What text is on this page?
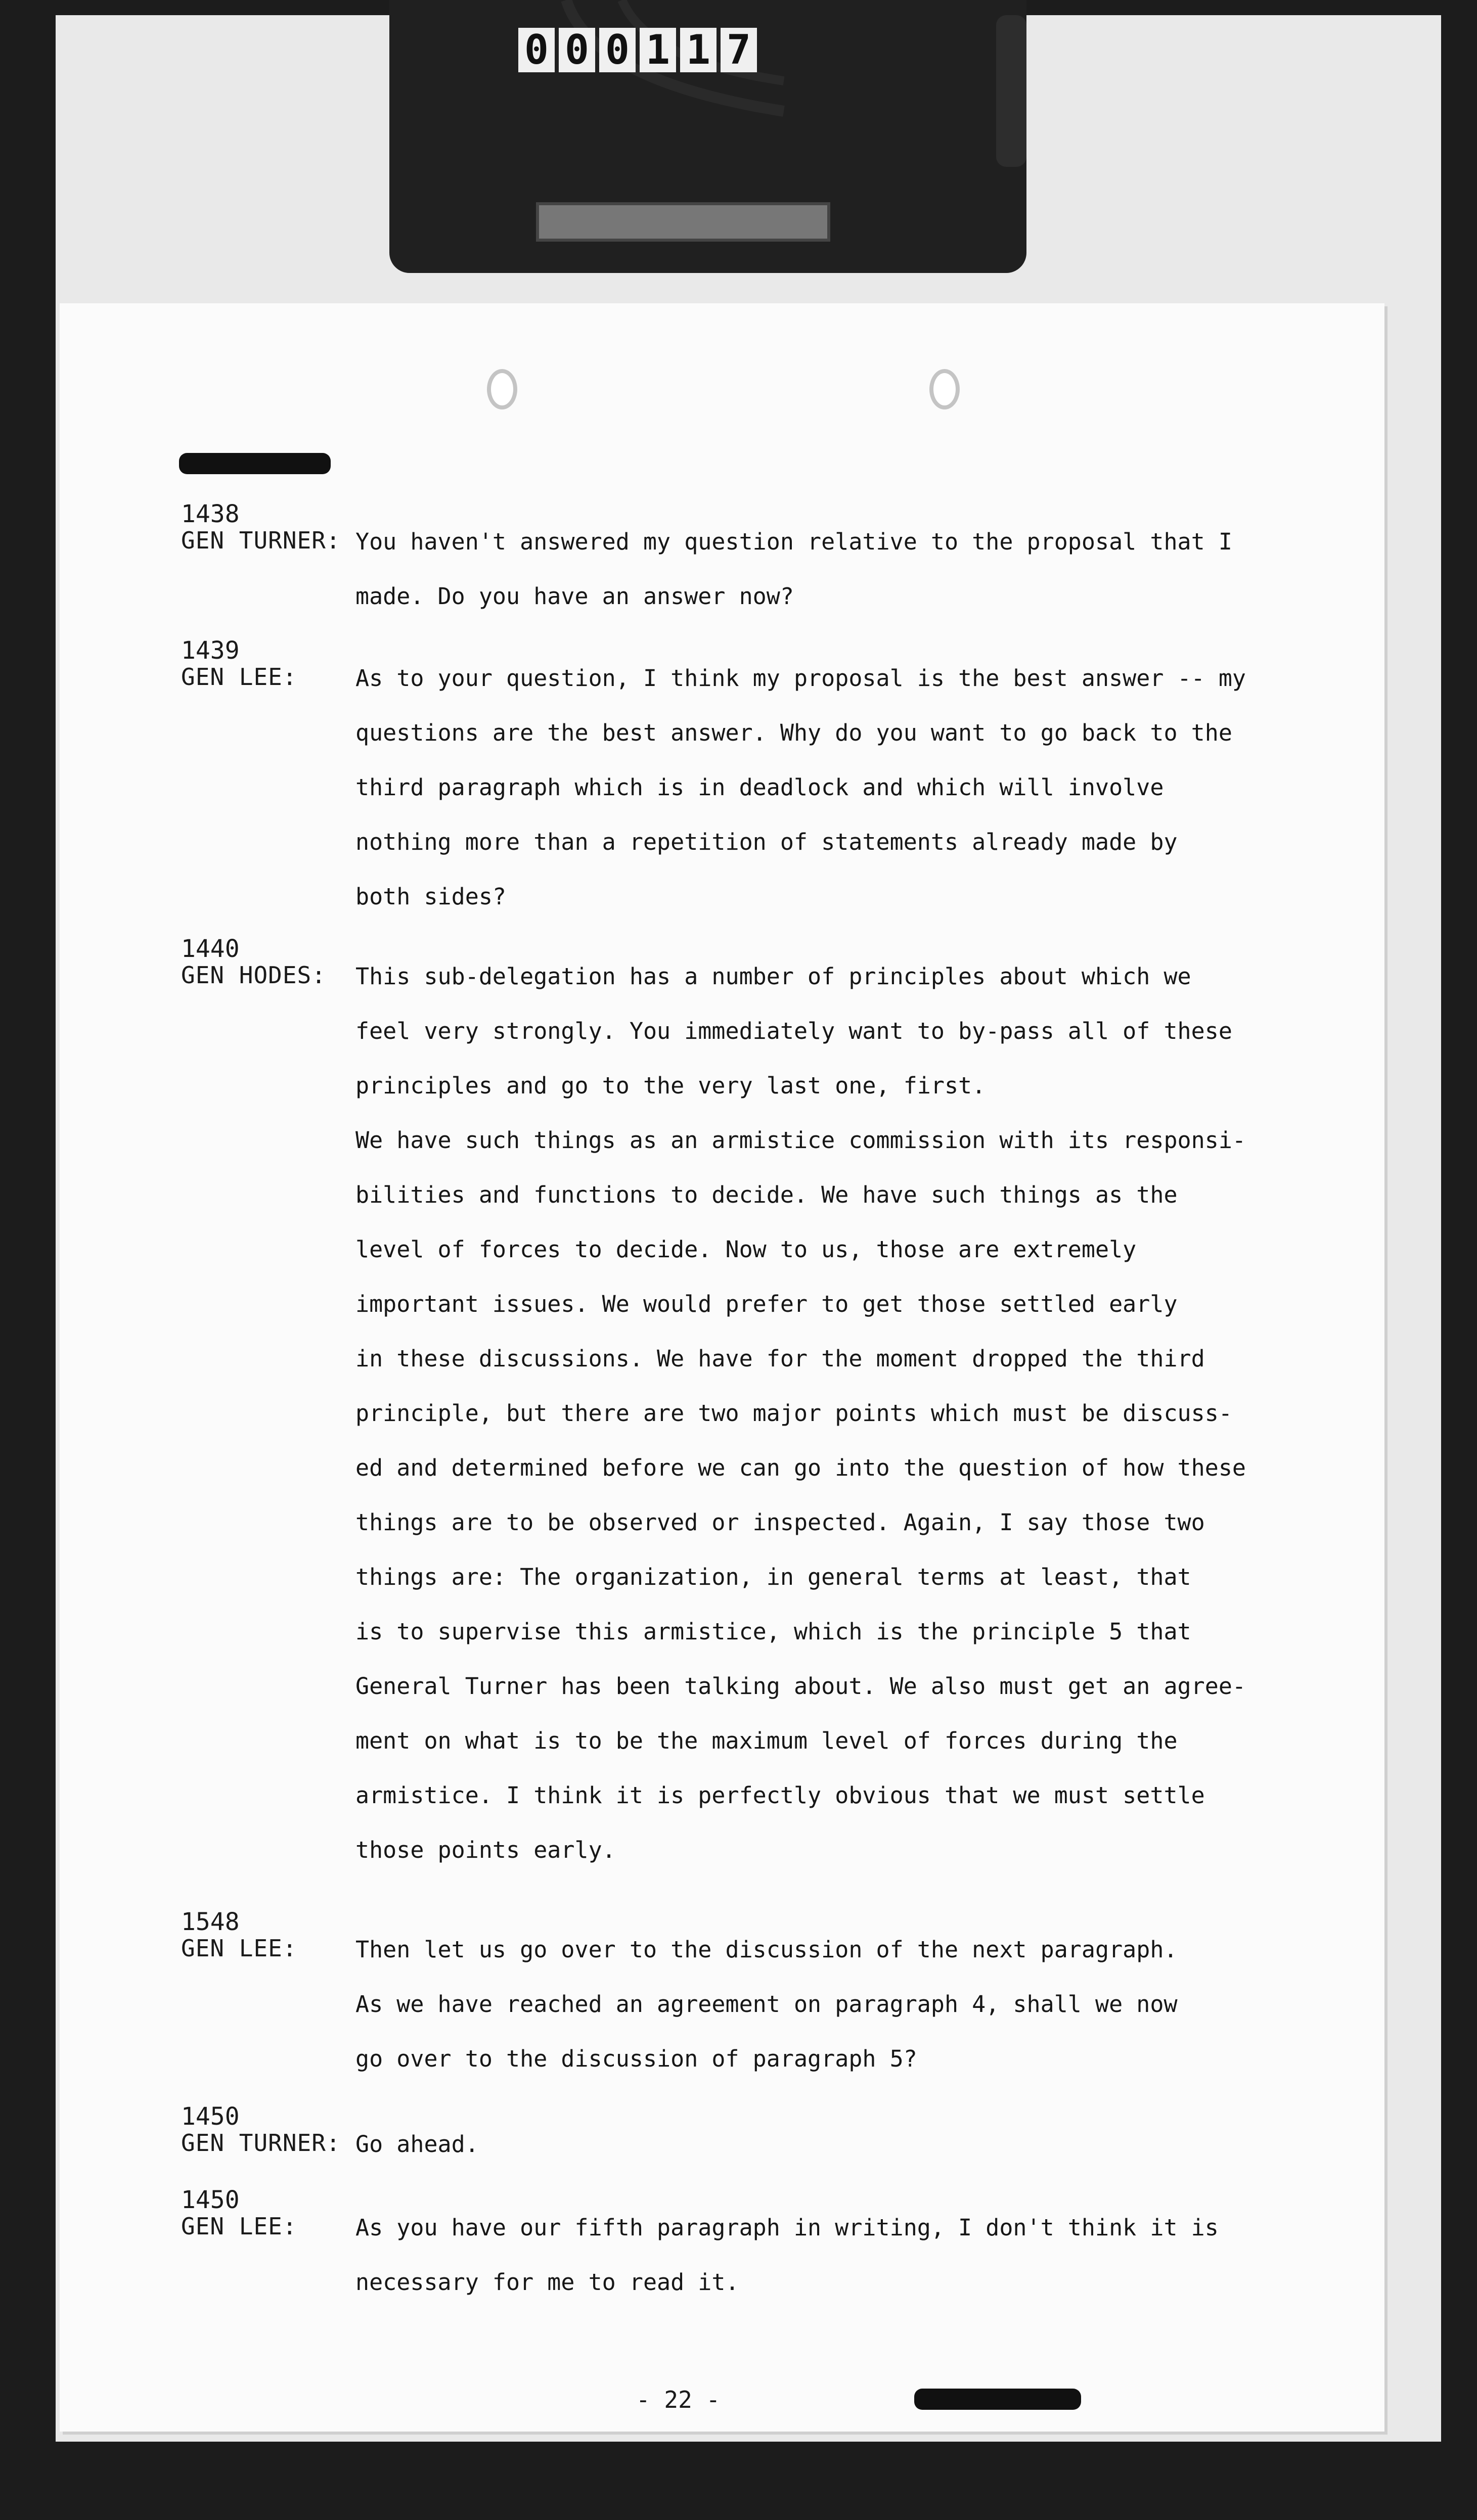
0 0 0 1 1 7
1438
GEN TURNER: You haven't answered my question relative to the proposal that I
made. Do you have an answer now?
1439
GEN LEE:	As to your question, I think my proposal is the best answer -- my
questions are the best answer. Why do you want to go back to the
third paragraph which is in deadlock and which will involve
nothing more than a repetition of statements already made by
both sides?
1440
GEN HODES: This sub-delegation has a number of principles about which we
feel very strongly. You immediately want to by-pass all of these
principles and go to the very last one, first.
We have such things as an armistice commission with its responsi-
bilities and functions to decide. We have such things as the
level of forces to decide. Now to us, those are extremely
important issues. We would prefer to get those settled early
in these discussions. We have for the moment dropped the third
principle, but there are two major points which must be discuss-
ed and determined before we can go into the question of how these
things are to be observed or inspected. Again, I say those two
things are: The organization, in general terms at least, that
is to supervise this armistice, which is the principle 5 that
General Turner has been talking about. We also must get an agree-
ment on what is to be the maximum level of forces during the
armistice. I think it is perfectly obvious that we must settle
those points early.
1548
GEN LEE:	Then let us go over to the discussion of the next paragraph.
As we have reached an agreement on paragraph 4, shall we now
go over to the discussion of paragraph 5?
1450
GEN TURNER: Go ahead.
1450
GEN LEE:	As you have our fifth paragraph in writing, I don't think it is
necessary for me to read it.
- 22 -
